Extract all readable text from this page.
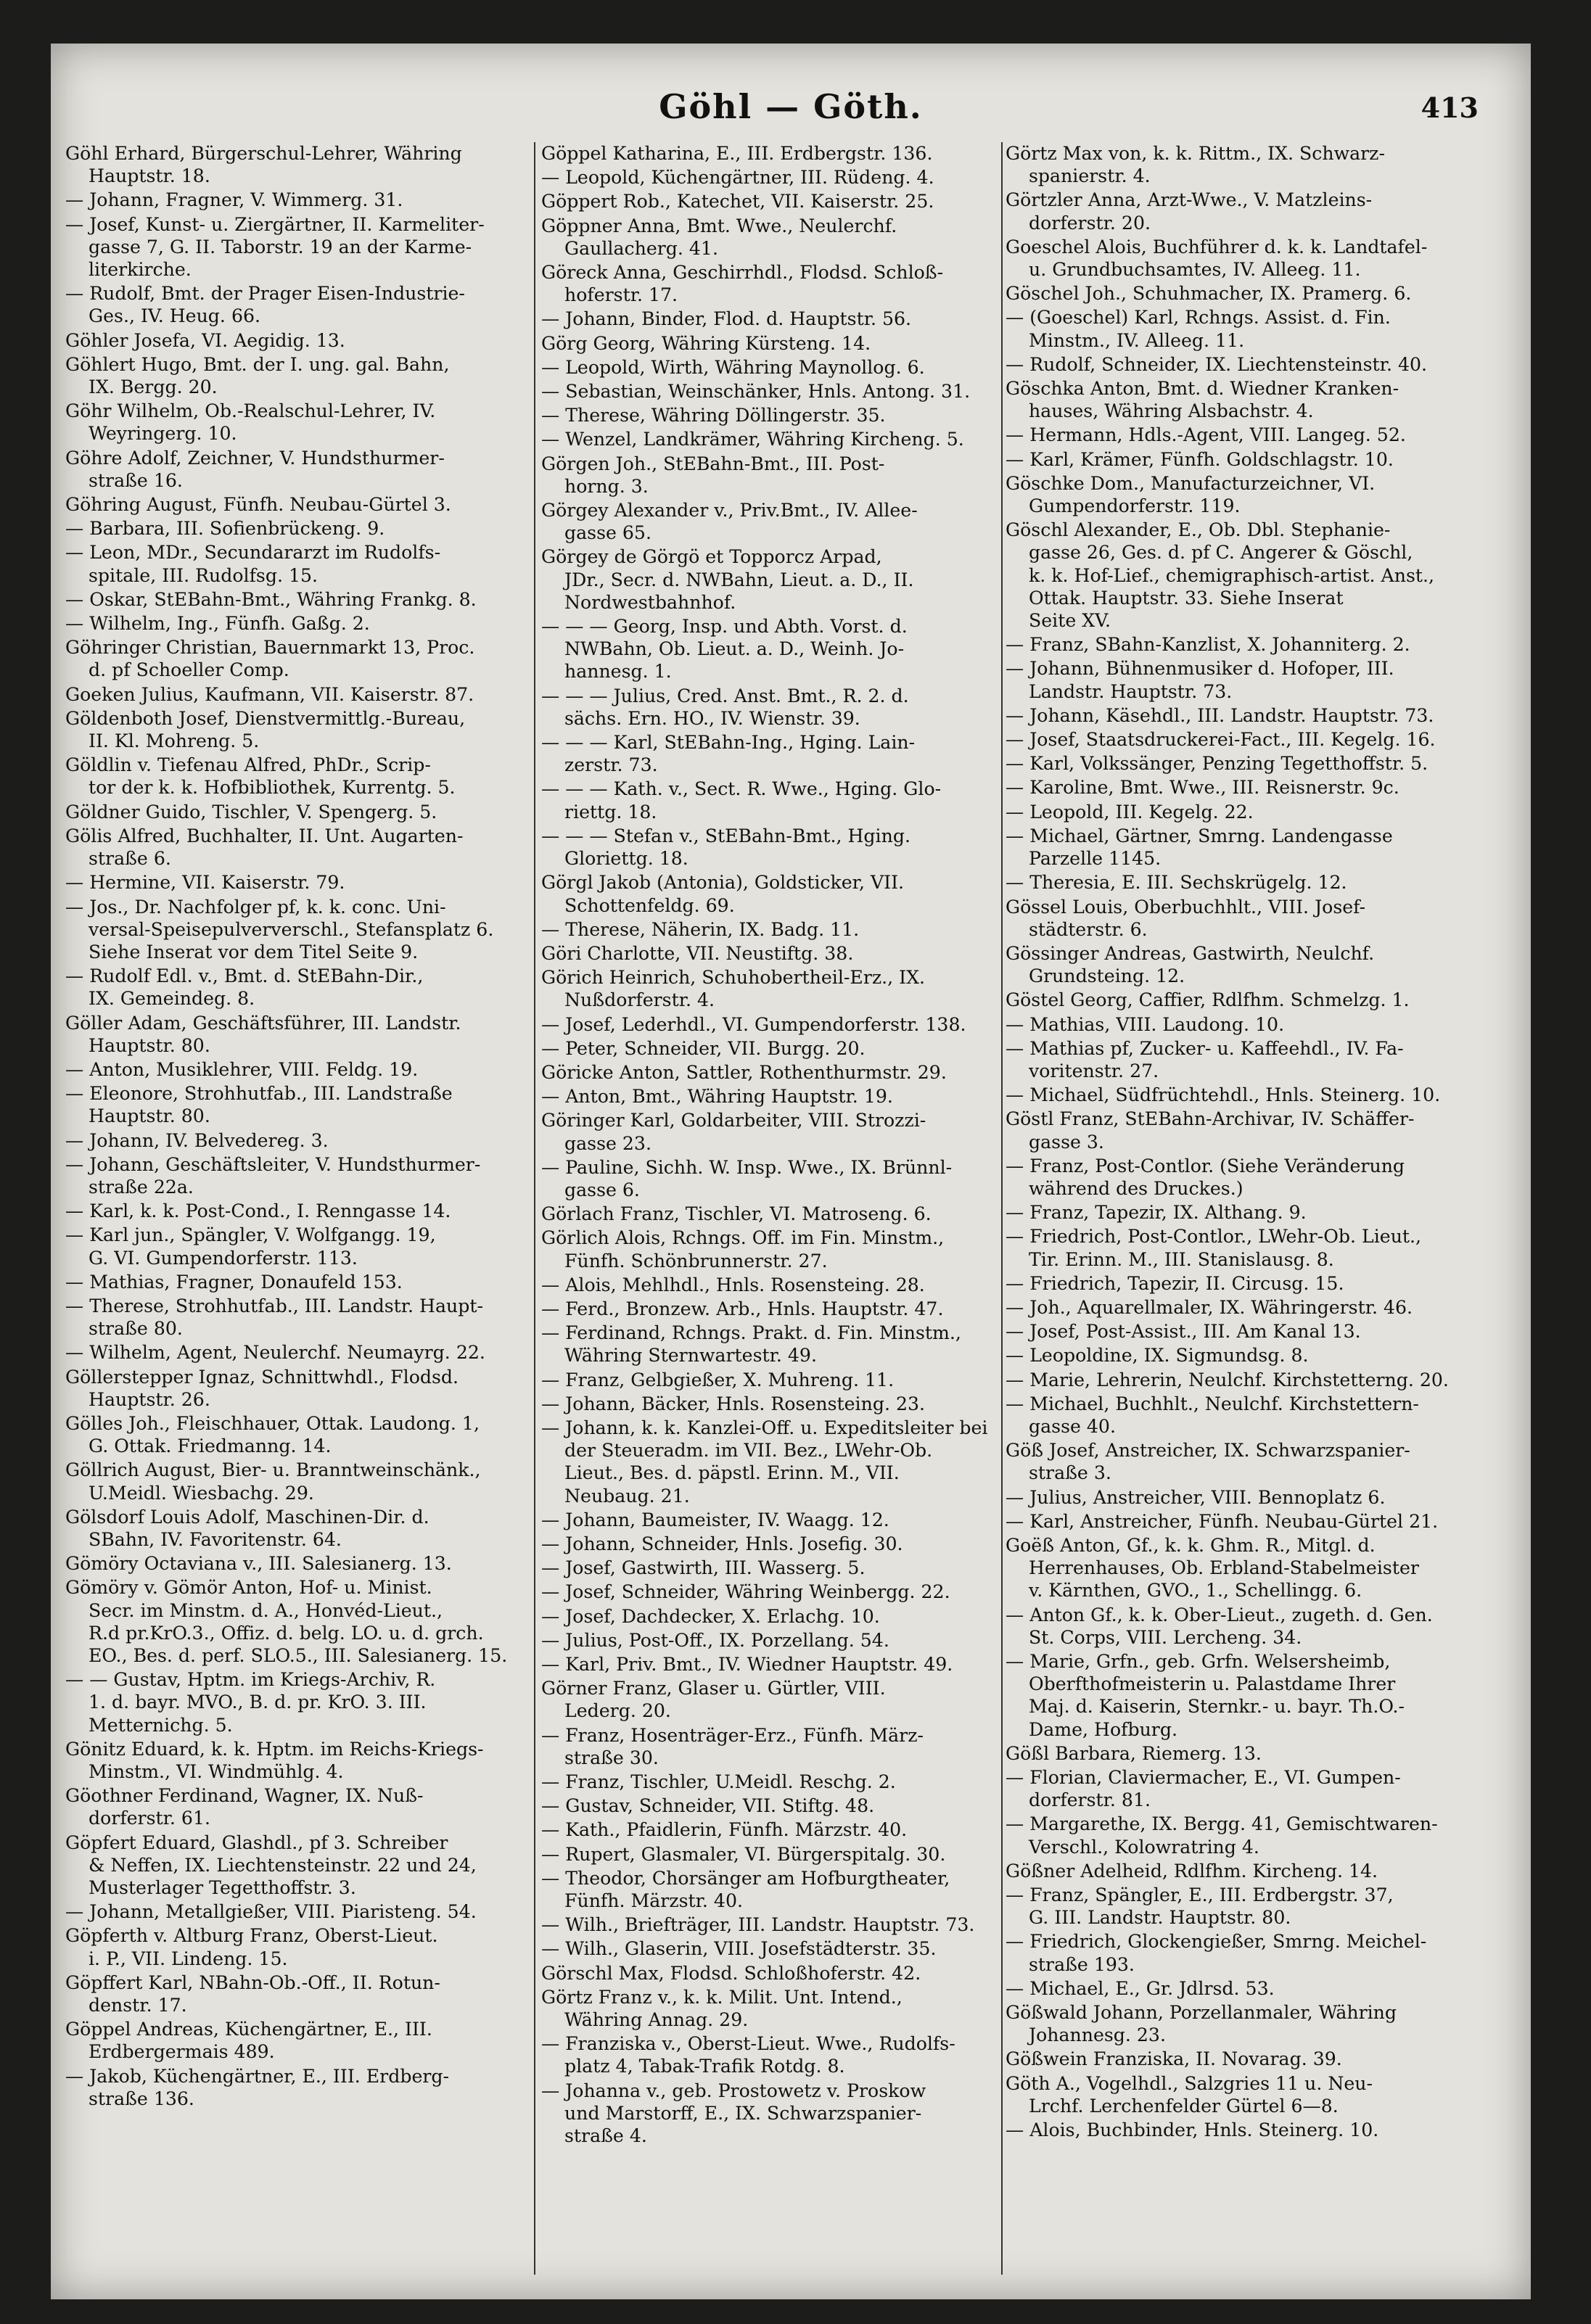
Göhl — Göth.	413
Göhl Erhard, Bürgerschul-Lehrer, Währing
Hauptstr. 18.
— Johann, Fragner, V. Wimmerg. 31.
— Josef, Kunst- u. Ziergärtner, II. Karmeliter-
gasse 7, G. II. Taborstr. 19 an der Karme-
literkirche.
— Rudolf, Bmt. der Prager Eisen-Industrie-
Ges., IV. Heug. 66.
Göhler Josefa, VI. Aegidig. 13.
Göhlert Hugo, Bmt. der I. ung. gal. Bahn,
IX. Bergg. 20.
Göhr Wilhelm, Ob.-Realschul-Lehrer, IV.
Weyringerg. 10.
Göhre Adolf, Zeichner, V. Hundsthurmer-
straße 16.
Göhring August, Fünfh. Neubau-Gürtel 3.
— Barbara, III. Sofienbrückeng. 9.
— Leon, MDr., Secundararzt im Rudolfs-
spitale, III. Rudolfsg. 15.
— Oskar, StEBahn-Bmt., Währing Frankg. 8.
— Wilhelm, Ing., Fünfh. Gaßg. 2.
Göhringer Christian, Bauernmarkt 13, Proc.
d. pf Schoeller Comp.
Goeken Julius, Kaufmann, VII. Kaiserstr. 87.
Göldenboth Josef, Dienstvermittlg.-Bureau,
II. Kl. Mohreng. 5.
Göldlin v. Tiefenau Alfred, PhDr., Scrip-
tor der k. k. Hofbibliothek, Kurrentg. 5.
Göldner Guido, Tischler, V. Spengerg. 5.
Gölis Alfred, Buchhalter, II. Unt. Augarten-
straße 6.
— Hermine, VII. Kaiserstr. 79.
— Jos., Dr. Nachfolger pf, k. k. conc. Uni-
versal-Speisepulververschl., Stefansplatz 6.
Siehe Inserat vor dem Titel Seite 9.
— Rudolf Edl. v., Bmt. d. StEBahn-Dir.,
IX. Gemeindeg. 8.
Göller Adam, Geschäftsführer, III. Landstr.
Hauptstr. 80.
— Anton, Musiklehrer, VIII. Feldg. 19.
— Eleonore, Strohhutfab., III. Landstraße
Hauptstr. 80.
— Johann, IV. Belvedereg. 3.
— Johann, Geschäftsleiter, V. Hundsthurmer-
straße 22a.
— Karl, k. k. Post-Cond., I. Renngasse 14.
— Karl jun., Spängler, V. Wolfgangg. 19,
G. VI. Gumpendorferstr. 113.
— Mathias, Fragner, Donaufeld 153.
— Therese, Strohhutfab., III. Landstr. Haupt-
straße 80.
— Wilhelm, Agent, Neulerchf. Neumayrg. 22.
Göllerstepper Ignaz, Schnittwhdl., Flodsd.
Hauptstr. 26.
Gölles Joh., Fleischhauer, Ottak. Laudong. 1,
G. Ottak. Friedmanng. 14.
Göllrich August, Bier- u. Branntweinschänk.,
U.Meidl. Wiesbachg. 29.
Gölsdorf Louis Adolf, Maschinen-Dir. d.
SBahn, IV. Favoritenstr. 64.
Gömöry Octaviana v., III. Salesianerg. 13.
Gömöry v. Gömör Anton, Hof- u. Minist.
Secr. im Minstm. d. A., Honvéd-Lieut.,
R.d pr.KrO.3., Offiz. d. belg. LO. u. d. grch.
EO., Bes. d. perf. SLO.5., III. Salesianerg. 15.
— — Gustav, Hptm. im Kriegs-Archiv, R.
1. d. bayr. MVO., B. d. pr. KrO. 3. III.
Metternichg. 5.
Gönitz Eduard, k. k. Hptm. im Reichs-Kriegs-
Minstm., VI. Windmühlg. 4.
Göothner Ferdinand, Wagner, IX. Nuß-
dorferstr. 61.
Göpfert Eduard, Glashdl., pf 3. Schreiber
& Neffen, IX. Liechtensteinstr. 22 und 24,
Musterlager Tegetthoffstr. 3.
— Johann, Metallgießer, VIII. Piaristeng. 54.
Göpferth v. Altburg Franz, Oberst-Lieut.
i. P., VII. Lindeng. 15.
Göpffert Karl, NBahn-Ob.-Off., II. Rotun-
denstr. 17.
Göppel Andreas, Küchengärtner, E., III.
Erdbergermais 489.
— Jakob, Küchengärtner, E., III. Erdberg-
straße 136.
Göppel Katharina, E., III. Erdbergstr. 136.
— Leopold, Küchengärtner, III. Rüdeng. 4.
Göppert Rob., Katechet, VII. Kaiserstr. 25.
Göppner Anna, Bmt. Wwe., Neulerchf.
Gaullacherg. 41.
Göreck Anna, Geschirrhdl., Flodsd. Schloß-
hoferstr. 17.
— Johann, Binder, Flod. d. Hauptstr. 56.
Görg Georg, Währing Kürsteng. 14.
— Leopold, Wirth, Währing Maynollog. 6.
— Sebastian, Weinschänker, Hnls. Antong. 31.
— Therese, Währing Döllingerstr. 35.
— Wenzel, Landkrämer, Währing Kircheng. 5.
Görgen Joh., StEBahn-Bmt., III. Post-
horng. 3.
Görgey Alexander v., Priv.Bmt., IV. Allee-
gasse 65.
Görgey de Görgö et Topporcz Arpad,
JDr., Secr. d. NWBahn, Lieut. a. D., II.
Nordwestbahnhof.
— — — Georg, Insp. und Abth. Vorst. d.
NWBahn, Ob. Lieut. a. D., Weinh. Jo-
hannesg. 1.
— — — Julius, Cred. Anst. Bmt., R. 2. d.
sächs. Ern. HO., IV. Wienstr. 39.
— — — Karl, StEBahn-Ing., Hging. Lain-
zerstr. 73.
— — — Kath. v., Sect. R. Wwe., Hging. Glo-
riettg. 18.
— — — Stefan v., StEBahn-Bmt., Hging.
Gloriettg. 18.
Görgl Jakob (Antonia), Goldsticker, VII.
Schottenfeldg. 69.
— Therese, Näherin, IX. Badg. 11.
Göri Charlotte, VII. Neustiftg. 38.
Görich Heinrich, Schuhobertheil-Erz., IX.
Nußdorferstr. 4.
— Josef, Lederhdl., VI. Gumpendorferstr. 138.
— Peter, Schneider, VII. Burgg. 20.
Göricke Anton, Sattler, Rothenthurmstr. 29.
— Anton, Bmt., Währing Hauptstr. 19.
Göringer Karl, Goldarbeiter, VIII. Strozzi-
gasse 23.
— Pauline, Sichh. W. Insp. Wwe., IX. Brünnl-
gasse 6.
Görlach Franz, Tischler, VI. Matroseng. 6.
Görlich Alois, Rchngs. Off. im Fin. Minstm.,
Fünfh. Schönbrunnerstr. 27.
— Alois, Mehlhdl., Hnls. Rosensteing. 28.
— Ferd., Bronzew. Arb., Hnls. Hauptstr. 47.
— Ferdinand, Rchngs. Prakt. d. Fin. Minstm.,
Währing Sternwartestr. 49.
— Franz, Gelbgießer, X. Muhreng. 11.
— Johann, Bäcker, Hnls. Rosensteing. 23.
— Johann, k. k. Kanzlei-Off. u. Expeditsleiter bei
der Steueradm. im VII. Bez., LWehr-Ob.
Lieut., Bes. d. päpstl. Erinn. M., VII.
Neubaug. 21.
— Johann, Baumeister, IV. Waagg. 12.
— Johann, Schneider, Hnls. Josefig. 30.
— Josef, Gastwirth, III. Wasserg. 5.
— Josef, Schneider, Währing Weinbergg. 22.
— Josef, Dachdecker, X. Erlachg. 10.
— Julius, Post-Off., IX. Porzellang. 54.
— Karl, Priv. Bmt., IV. Wiedner Hauptstr. 49.
Görner Franz, Glaser u. Gürtler, VIII.
Lederg. 20.
— Franz, Hosenträger-Erz., Fünfh. März-
straße 30.
— Franz, Tischler, U.Meidl. Reschg. 2.
— Gustav, Schneider, VII. Stiftg. 48.
— Kath., Pfaidlerin, Fünfh. Märzstr. 40.
— Rupert, Glasmaler, VI. Bürgerspitalg. 30.
— Theodor, Chorsänger am Hofburgtheater,
Fünfh. Märzstr. 40.
— Wilh., Briefträger, III. Landstr. Hauptstr. 73.
— Wilh., Glaserin, VIII. Josefstädterstr. 35.
Görschl Max, Flodsd. Schloßhoferstr. 42.
Görtz Franz v., k. k. Milit. Unt. Intend.,
Währing Annag. 29.
— Franziska v., Oberst-Lieut. Wwe., Rudolfs-
platz 4, Tabak-Trafik Rotdg. 8.
— Johanna v., geb. Prostowetz v. Proskow
und Marstorff, E., IX. Schwarzspanier-
straße 4.
Görtz Max von, k. k. Rittm., IX. Schwarz-
spanierstr. 4.
Görtzler Anna, Arzt-Wwe., V. Matzleins-
dorferstr. 20.
Goeschel Alois, Buchführer d. k. k. Landtafel-
u. Grundbuchsamtes, IV. Alleeg. 11.
Göschel Joh., Schuhmacher, IX. Pramerg. 6.
— (Goeschel) Karl, Rchngs. Assist. d. Fin.
Minstm., IV. Alleeg. 11.
— Rudolf, Schneider, IX. Liechtensteinstr. 40.
Göschka Anton, Bmt. d. Wiedner Kranken-
hauses, Währing Alsbachstr. 4.
— Hermann, Hdls.-Agent, VIII. Langeg. 52.
— Karl, Krämer, Fünfh. Goldschlagstr. 10.
Göschke Dom., Manufacturzeichner, VI.
Gumpendorferstr. 119.
Göschl Alexander, E., Ob. Dbl. Stephanie-
gasse 26, Ges. d. pf C. Angerer & Göschl,
k. k. Hof-Lief., chemigraphisch-artist. Anst.,
Ottak. Hauptstr. 33. Siehe Inserat
Seite XV.
— Franz, SBahn-Kanzlist, X. Johanniterg. 2.
— Johann, Bühnenmusiker d. Hofoper, III.
Landstr. Hauptstr. 73.
— Johann, Käsehdl., III. Landstr. Hauptstr. 73.
— Josef, Staatsdruckerei-Fact., III. Kegelg. 16.
— Karl, Volkssänger, Penzing Tegetthoffstr. 5.
— Karoline, Bmt. Wwe., III. Reisnerstr. 9c.
— Leopold, III. Kegelg. 22.
— Michael, Gärtner, Smrng. Landengasse
Parzelle 1145.
— Theresia, E. III. Sechskrügelg. 12.
Gössel Louis, Oberbuchhlt., VIII. Josef-
städterstr. 6.
Gössinger Andreas, Gastwirth, Neulchf.
Grundsteing. 12.
Göstel Georg, Caffier, Rdlfhm. Schmelzg. 1.
— Mathias, VIII. Laudong. 10.
— Mathias pf, Zucker- u. Kaffeehdl., IV. Fa-
voritenstr. 27.
— Michael, Südfrüchtehdl., Hnls. Steinerg. 10.
Göstl Franz, StEBahn-Archivar, IV. Schäffer-
gasse 3.
— Franz, Post-Contlor. (Siehe Veränderung
während des Druckes.)
— Franz, Tapezir, IX. Althang. 9.
— Friedrich, Post-Contlor., LWehr-Ob. Lieut.,
Tir. Erinn. M., III. Stanislausg. 8.
— Friedrich, Tapezir, II. Circusg. 15.
— Joh., Aquarellmaler, IX. Währingerstr. 46.
— Josef, Post-Assist., III. Am Kanal 13.
— Leopoldine, IX. Sigmundsg. 8.
— Marie, Lehrerin, Neulchf. Kirchstetterng. 20.
— Michael, Buchhlt., Neulchf. Kirchstettern-
gasse 40.
Göß Josef, Anstreicher, IX. Schwarzspanier-
straße 3.
— Julius, Anstreicher, VIII. Bennoplatz 6.
— Karl, Anstreicher, Fünfh. Neubau-Gürtel 21.
Goëß Anton, Gf., k. k. Ghm. R., Mitgl. d.
Herrenhauses, Ob. Erbland-Stabelmeister
v. Kärnthen, GVO., 1., Schellingg. 6.
— Anton Gf., k. k. Ober-Lieut., zugeth. d. Gen.
St. Corps, VIII. Lercheng. 34.
— Marie, Grfn., geb. Grfn. Welsersheimb,
Oberfthofmeisterin u. Palastdame Ihrer
Maj. d. Kaiserin, Sternkr.- u. bayr. Th.O.-
Dame, Hofburg.
Gößl Barbara, Riemerg. 13.
— Florian, Claviermacher, E., VI. Gumpen-
dorferstr. 81.
— Margarethe, IX. Bergg. 41, Gemischtwaren-
Verschl., Kolowratring 4.
Gößner Adelheid, Rdlfhm. Kircheng. 14.
— Franz, Spängler, E., III. Erdbergstr. 37,
G. III. Landstr. Hauptstr. 80.
— Friedrich, Glockengießer, Smrng. Meichel-
straße 193.
— Michael, E., Gr. Jdlrsd. 53.
Gößwald Johann, Porzellanmaler, Währing
Johannesg. 23.
Gößwein Franziska, II. Novarag. 39.
Göth A., Vogelhdl., Salzgries 11 u. Neu-
Lrchf. Lerchenfelder Gürtel 6—8.
— Alois, Buchbinder, Hnls. Steinerg. 10.
